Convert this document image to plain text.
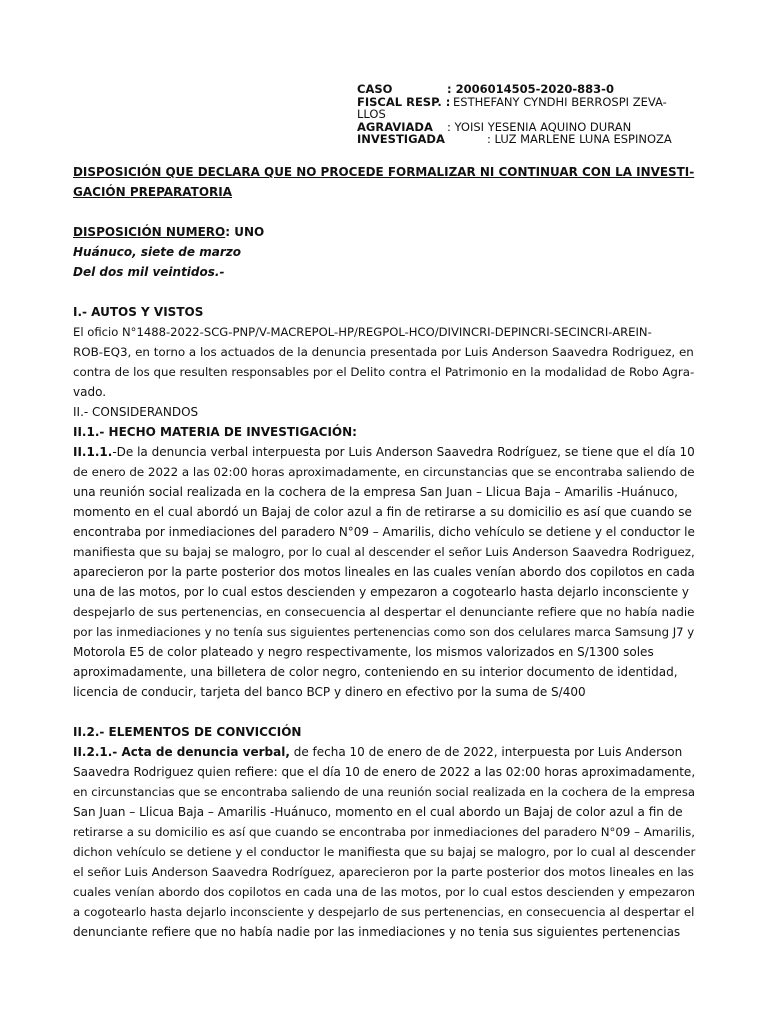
CASO	: 2006014505-2020-883-0
FISCAL RESP. : ESTHEFANY CYNDHI BERROSPI ZEVA-
LLOS
AGRAVIADA : YOISI YESENIA AQUINO DURAN
INVESTIGADA	: LUZ MARLENE LUNA ESPINOZA

DISPOSICIÓN QUE DECLARA QUE NO PROCEDE FORMALIZAR NI CONTINUAR CON LA INVESTI-

GACIÓN PREPARATORIA

DISPOSICIÓN NUMERO: UNO

Huánuco, siete de marzo

Del dos mil veintidos.-

I.- AUTOS Y VISTOS

El oficio N°1488-2022-SCG-PNP/V-MACREPOL-HP/REGPOL-HCO/DIVINCRI-DEPINCRI-SECINCRI-AREIN-

ROB-EQ3, en torno a los actuados de la denuncia presentada por Luis Anderson Saavedra Rodriguez, en

contra de los que resulten responsables por el Delito contra el Patrimonio en la modalidad de Robo Agra-

vado.

II.- CONSIDERANDOS

II.1.- HECHO MATERIA DE INVESTIGACIÓN:

II.1.1.-De la denuncia verbal interpuesta por Luis Anderson Saavedra Rodríguez, se tiene que el día 10

de enero de 2022 a las 02:00 horas aproximadamente, en circunstancias que se encontraba saliendo de

una reunión social realizada en la cochera de la empresa San Juan – Llicua Baja – Amarilis -Huánuco,

momento en el cual abordó un Bajaj de color azul a fin de retirarse a su domicilio es así que cuando se

encontraba por inmediaciones del paradero N°09 – Amarilis, dicho vehículo se detiene y el conductor le

manifiesta que su bajaj se malogro, por lo cual al descender el señor Luis Anderson Saavedra Rodriguez,

aparecieron por la parte posterior dos motos lineales en las cuales venían abordo dos copilotos en cada

una de las motos, por lo cual estos descienden y empezaron a cogotearlo hasta dejarlo inconsciente y

despejarlo de sus pertenencias, en consecuencia al despertar el denunciante refiere que no había nadie

por las inmediaciones y no tenía sus siguientes pertenencias como son dos celulares marca Samsung J7 y

Motorola E5 de color plateado y negro respectivamente, los mismos valorizados en S/1300 soles

aproximadamente, una billetera de color negro, conteniendo en su interior documento de identidad,

licencia de conducir, tarjeta del banco BCP y dinero en efectivo por la suma de S/400

II.2.- ELEMENTOS DE CONVICCIÓN

II.2.1.- Acta de denuncia verbal, de fecha 10 de enero de de 2022, interpuesta por Luis Anderson

Saavedra Rodriguez quien refiere: que el día 10 de enero de 2022 a las 02:00 horas aproximadamente,

en circunstancias que se encontraba saliendo de una reunión social realizada en la cochera de la empresa

San Juan – Llicua Baja – Amarilis -Huánuco, momento en el cual abordo un Bajaj de color azul a fin de

retirarse a su domicilio es así que cuando se encontraba por inmediaciones del paradero N°09 – Amarilis,

dichon vehículo se detiene y el conductor le manifiesta que su bajaj se malogro, por lo cual al descender

el señor Luis Anderson Saavedra Rodríguez, aparecieron por la parte posterior dos motos lineales en las

cuales venían abordo dos copilotos en cada una de las motos, por lo cual estos descienden y empezaron

a cogotearlo hasta dejarlo inconsciente y despejarlo de sus pertenencias, en consecuencia al despertar el

denunciante refiere que no había nadie por las inmediaciones y no tenia sus siguientes pertenencias
